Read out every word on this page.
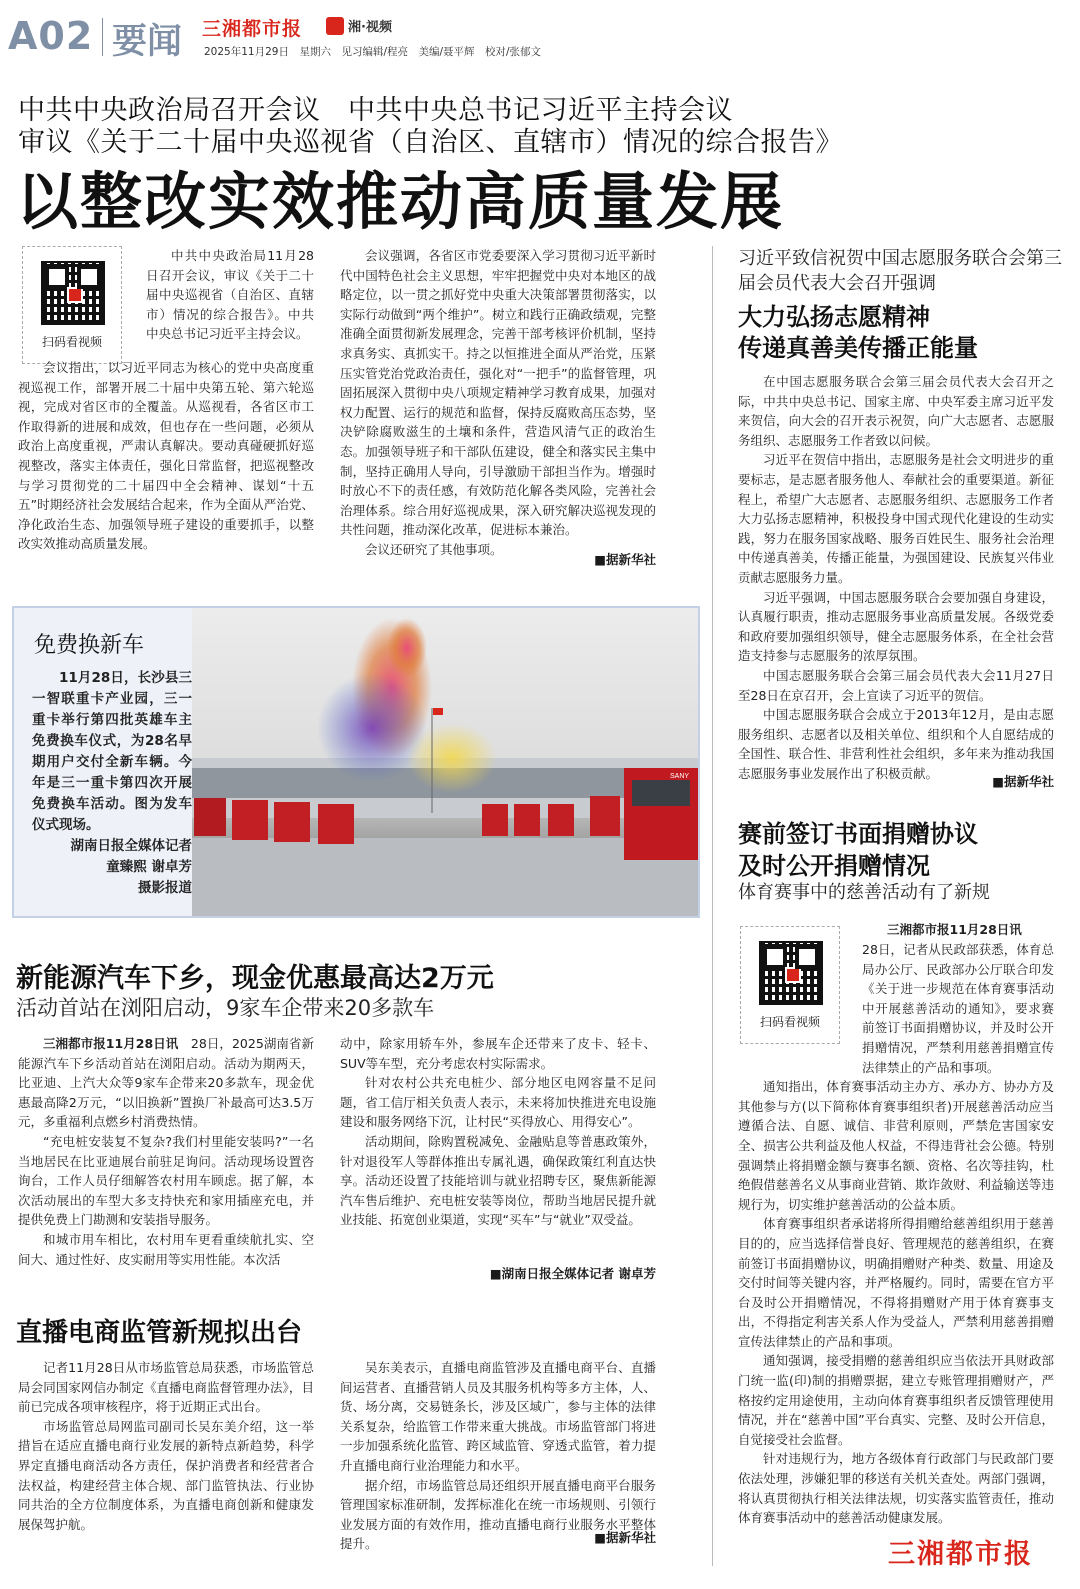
A02 要闻 三湘都市报	湘·视频
2025年11月29日　星期六　见习编辑/程亮　美编/聂平辉　校对/张郁文
中共中央政治局召开会议　中共中央总书记习近平主持会议
审议《关于二十届中央巡视省（自治区、直辖市）情况的综合报告》
以整改实效推动高质量发展
扫码看视频

中共中央政治局11月28日召开会议，审议《关于二十届中央巡视省（自治区、直辖市）情况的综合报告》。中共中央总书记习近平主持会议。

会议指出，以习近平同志为核心的党中央高度重视巡视工作，部署开展二十届中央第五轮、第六轮巡视，完成对省区市的全覆盖。从巡视看，各省区市工作取得新的进展和成效，但也存在一些问题，必须从政治上高度重视，严肃认真解决。要动真碰硬抓好巡视整改，落实主体责任，强化日常监督，把巡视整改与学习贯彻党的二十届四中全会精神、谋划“十五五”时期经济社会发展结合起来，作为全面从严治党、净化政治生态、加强领导班子建设的重要抓手，以整改实效推动高质量发展。

会议强调，各省区市党委要深入学习贯彻习近平新时代中国特色社会主义思想，牢牢把握党中央对本地区的战略定位，以一贯之抓好党中央重大决策部署贯彻落实，以实际行动做到“两个维护”。树立和践行正确政绩观，完整准确全面贯彻新发展理念，完善干部考核评价机制，坚持求真务实、真抓实干。持之以恒推进全面从严治党，压紧压实管党治党政治责任，强化对“一把手”的监督管理，巩固拓展深入贯彻中央八项规定精神学习教育成果，加强对权力配置、运行的规范和监督，保持反腐败高压态势，坚决铲除腐败滋生的土壤和条件，营造风清气正的政治生态。加强领导班子和干部队伍建设，健全和落实民主集中制，坚持正确用人导向，引导激励干部担当作为。增强时时放心不下的责任感，有效防范化解各类风险，完善社会治理体系。综合用好巡视成果，深入研究解决巡视发现的共性问题，推动深化改革，促进标本兼治。

会议还研究了其他事项。

■据新华社
免费换新车

11月28日，长沙县三一智联重卡产业园，三一重卡举行第四批英雄车主免费换车仪式，为28名早期用户交付全新车辆。今年是三一重卡第四次开展免费换车活动。图为发车仪式现场。

湖南日报全媒体记者
童臻熙 谢卓芳
摄影报道
SANY
新能源汽车下乡，现金优惠最高达2万元
活动首站在浏阳启动，9家车企带来20多款车

三湘都市报11月28日讯　 28日，2025湖南省新能源汽车下乡活动首站在浏阳启动。活动为期两天，比亚迪、上汽大众等9家车企带来20多款车，现金优惠最高降2万元，“以旧换新”置换厂补最高可达3.5万元，多重福利点燃乡村消费热情。

“充电桩安装复不复杂?我们村里能安装吗?”一名当地居民在比亚迪展台前驻足询问。活动现场设置咨询台，工作人员仔细解答农村用车顾虑。据了解，本次活动展出的车型大多支持快充和家用插座充电，并提供免费上门勘测和安装指导服务。

和城市用车相比，农村用车更看重续航扎实、空间大、通过性好、皮实耐用等实用性能。本次活

动中，除家用轿车外，参展车企还带来了皮卡、轻卡、SUV等车型，充分考虑农村实际需求。

针对农村公共充电桩少、部分地区电网容量不足问题，省工信厅相关负责人表示，未来将加快推进充电设施建设和服务网络下沉，让村民“买得放心、用得安心”。

活动期间，除购置税减免、金融贴息等普惠政策外，针对退役军人等群体推出专属礼遇，确保政策红利直达快享。活动还设置了技能培训与就业招聘专区，聚焦新能源汽车售后维护、充电桩安装等岗位，帮助当地居民提升就业技能、拓宽创业渠道，实现“买车”与“就业”双受益。

■湖南日报全媒体记者 谢卓芳
直播电商监管新规拟出台

记者11月28日从市场监管总局获悉，市场监管总局会同国家网信办制定《直播电商监督管理办法》，目前已完成各项审核程序，将于近期正式出台。

市场监管总局网监司副司长吴东美介绍，这一举措旨在适应直播电商行业发展的新特点新趋势，科学界定直播电商活动各方责任，保护消费者和经营者合法权益，构建经营主体合规、部门监管执法、行业协同共治的全方位制度体系，为直播电商创新和健康发展保驾护航。

吴东美表示，直播电商监管涉及直播电商平台、直播间运营者、直播营销人员及其服务机构等多方主体，人、货、场分离，交易链条长，涉及区域广，参与主体的法律关系复杂，给监管工作带来重大挑战。市场监管部门将进一步加强系统化监管、跨区域监管、穿透式监管，着力提升直播电商行业治理能力和水平。

据介绍，市场监管总局还组织开展直播电商平台服务管理国家标准研制，发挥标准化在统一市场规则、引领行业发展方面的有效作用，推动直播电商行业服务水平整体提升。	■据新华社
习近平致信祝贺中国志愿服务联合会第三届会员代表大会召开强调
大力弘扬志愿精神
传递真善美传播正能量

在中国志愿服务联合会第三届会员代表大会召开之际，中共中央总书记、国家主席、中央军委主席习近平发来贺信，向大会的召开表示祝贺，向广大志愿者、志愿服务组织、志愿服务工作者致以问候。

习近平在贺信中指出，志愿服务是社会文明进步的重要标志，是志愿者服务他人、奉献社会的重要渠道。新征程上，希望广大志愿者、志愿服务组织、志愿服务工作者大力弘扬志愿精神，积极投身中国式现代化建设的生动实践，努力在服务国家战略、服务百姓民生、服务社会治理中传递真善美，传播正能量，为强国建设、民族复兴伟业贡献志愿服务力量。

习近平强调，中国志愿服务联合会要加强自身建设，认真履行职责，推动志愿服务事业高质量发展。各级党委和政府要加强组织领导，健全志愿服务体系，在全社会营造支持参与志愿服务的浓厚氛围。

中国志愿服务联合会第三届会员代表大会11月27日至28日在京召开，会上宣读了习近平的贺信。

中国志愿服务联合会成立于2013年12月，是由志愿服务组织、志愿者以及相关单位、组织和个人自愿结成的全国性、联合性、非营利性社会组织，多年来为推动我国志愿服务事业发展作出了积极贡献。

■据新华社
赛前签订书面捐赠协议
及时公开捐赠情况
体育赛事中的慈善活动有了新规
扫码看视频

三湘都市报11月28日讯

28日，记者从民政部获悉，体育总局办公厅、民政部办公厅联合印发《关于进一步规范在体育赛事活动中开展慈善活动的通知》，要求赛前签订书面捐赠协议，并及时公开捐赠情况，严禁利用慈善捐赠宣传法律禁止的产品和事项。

通知指出，体育赛事活动主办方、承办方、协办方及其他参与方(以下简称体育赛事组织者)开展慈善活动应当遵循合法、自愿、诚信、非营利原则，严禁危害国家安全、损害公共利益及他人权益，不得违背社会公德。特别强调禁止将捐赠金额与赛事名额、资格、名次等挂钩，杜绝假借慈善名义从事商业营销、欺诈敛财、利益输送等违规行为，切实维护慈善活动的公益本质。

体育赛事组织者承诺将所得捐赠给慈善组织用于慈善目的的，应当选择信誉良好、管理规范的慈善组织，在赛前签订书面捐赠协议，明确捐赠财产种类、数量、用途及交付时间等关键内容，并严格履约。同时，需要在官方平台及时公开捐赠情况，不得将捐赠财产用于体育赛事支出，不得指定利害关系人作为受益人，严禁利用慈善捐赠宣传法律禁止的产品和事项。

通知强调，接受捐赠的慈善组织应当依法开具财政部门统一监(印)制的捐赠票据，建立专账管理捐赠财产，严格按约定用途使用，主动向体育赛事组织者反馈管理使用情况，并在“慈善中国”平台真实、完整、及时公开信息，自觉接受社会监督。

针对违规行为，地方各级体育行政部门与民政部门要依法处理，涉嫌犯罪的移送有关机关查处。两部门强调，将认真贯彻执行相关法律法规，切实落实监管责任，推动体育赛事活动中的慈善活动健康发展。

三湘都市报
